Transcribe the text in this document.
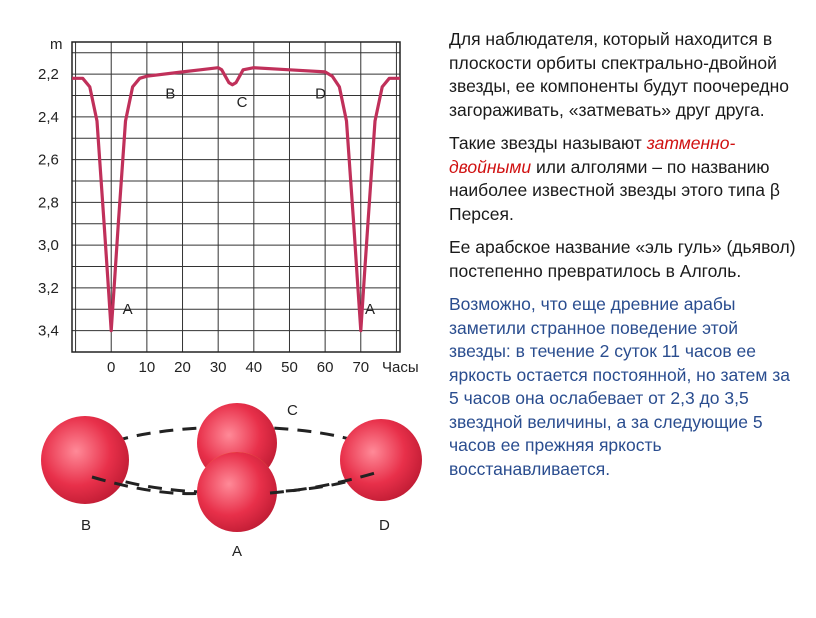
2,2
2,4
2,6
2,8
3,0
3,2
3,4
0 10 20 30 40 50 60 70
m
Часы
A
B
C
D
A
C
B	D
A

Для наблюдателя, который находится в плоскости орбиты спектрально-двойной звезды, ее компоненты будут поочередно загораживать, «затмевать» друг друга.

Такие звезды называют затменно-двойными или алголями – по названию наиболее известной звезды этого типа β Персея.

Ее арабское название «эль гуль» (дьявол) постепенно превратилось в Алголь.

Возможно, что еще древние арабы заметили странное поведение этой звезды: в течение 2 суток 11 часов ее яркость остается постоянной, но затем за 5 часов она ослабевает от 2,3 до 3,5 звездной величины, а за следующие 5 часов ее прежняя яркость восстанавливается.
